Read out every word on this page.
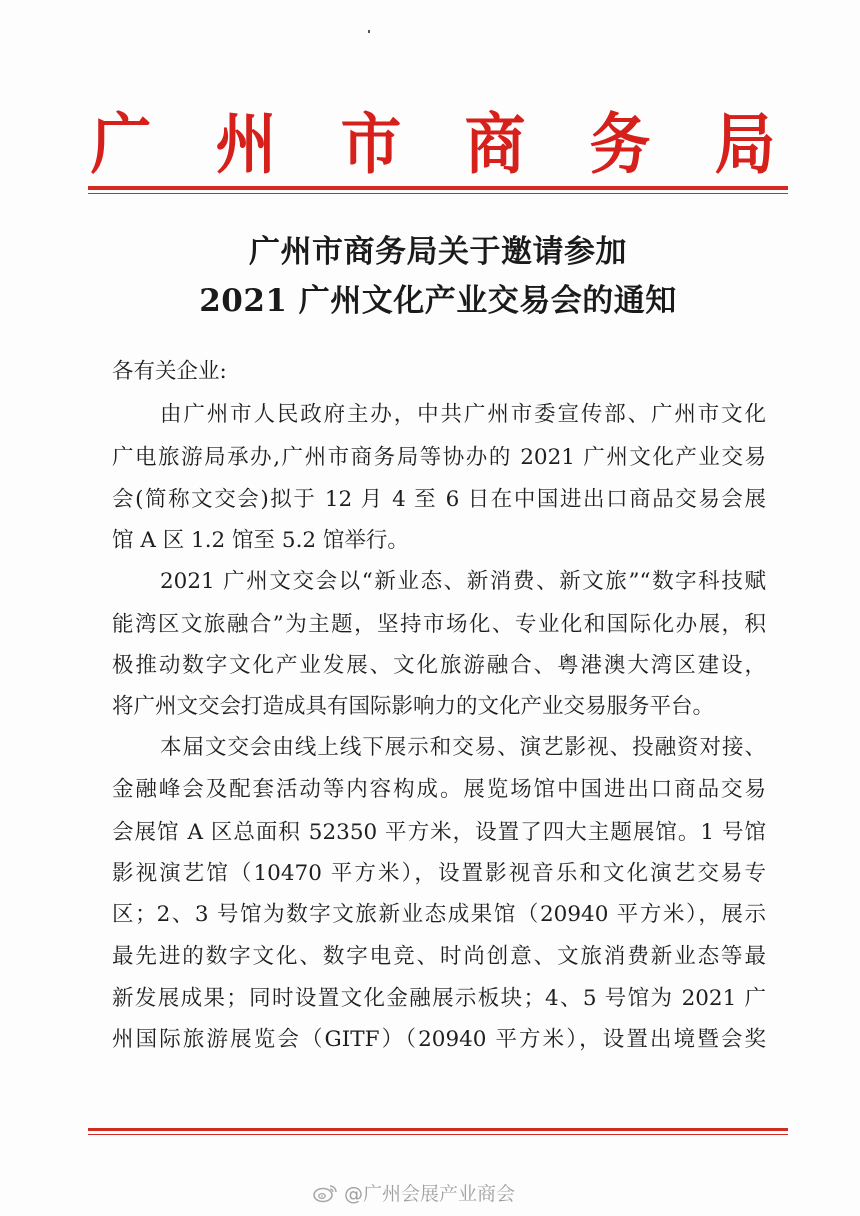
广 州 市 商 务 局
广州市商务局关于邀请参加
2021 广州文化产业交易会的通知
各有关企业:
由广州市人民政府主办，中共广州市委宣传部、广州市文化
广电旅游局承办,广州市商务局等协办的 2021 广州文化产业交易
会(简称文交会)拟于 12 月 4 至 6 日在中国进出口商品交易会展
馆 A 区 1.2 馆至 5.2 馆举行。
2021 广州文交会以“新业态、新消费、新文旅”“数字科技赋
能湾区文旅融合”为主题，坚持市场化、专业化和国际化办展，积
极推动数字文化产业发展、文化旅游融合、粤港澳大湾区建设，
将广州文交会打造成具有国际影响力的文化产业交易服务平台。
本届文交会由线上线下展示和交易、演艺影视、投融资对接、
金融峰会及配套活动等内容构成。展览场馆中国进出口商品交易
会展馆 A 区总面积 52350 平方米，设置了四大主题展馆。1 号馆
影视演艺馆（10470 平方米），设置影视音乐和文化演艺交易专
区；2、3 号馆为数字文旅新业态成果馆（20940 平方米），展示
最先进的数字文化、数字电竞、时尚创意、文旅消费新业态等最
新发展成果；同时设置文化金融展示板块；4、5 号馆为 2021 广
州国际旅游展览会（GITF）（20940 平方米），设置出境暨会奖
@广州会展产业商会
